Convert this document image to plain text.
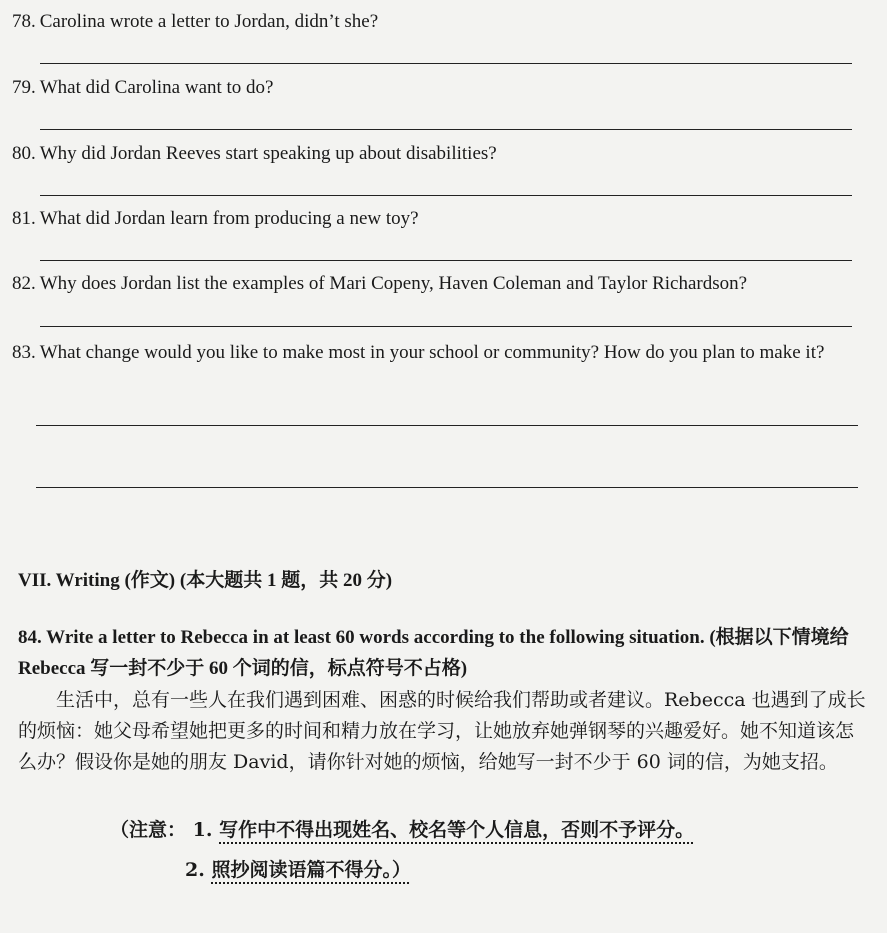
78. Carolina wrote a letter to Jordan, didn’t she?
79. What did Carolina want to do?
80. Why did Jordan Reeves start speaking up about disabilities?
81. What did Jordan learn from producing a new toy?
82. Why does Jordan list the examples of Mari Copeny, Haven Coleman and Taylor Richardson?
83. What change would you like to make most in your school or community? How do you plan to make it?
VII. Writing (作文) (本大题共 1 题，共 20 分)
84. Write a letter to Rebecca in at least 60 words according to the following situation. (根据以下情境给 Rebecca 写一封不少于 60 个词的信，标点符号不占格)
生活中，总有一些人在我们遇到困难、困惑的时候给我们帮助或者建议。Rebecca 也遇到了成长的烦恼：她父母希望她把更多的时间和精力放在学习，让她放弃她弹钢琴的兴趣爱好。她不知道该怎么办？假设你是她的朋友 David，请你针对她的烦恼，给她写一封不少于 60 词的信，为她支招。
（注意： 1. 写作中不得出现姓名、校名等个人信息，否则不予评分。
2. 照抄阅读语篇不得分。）
